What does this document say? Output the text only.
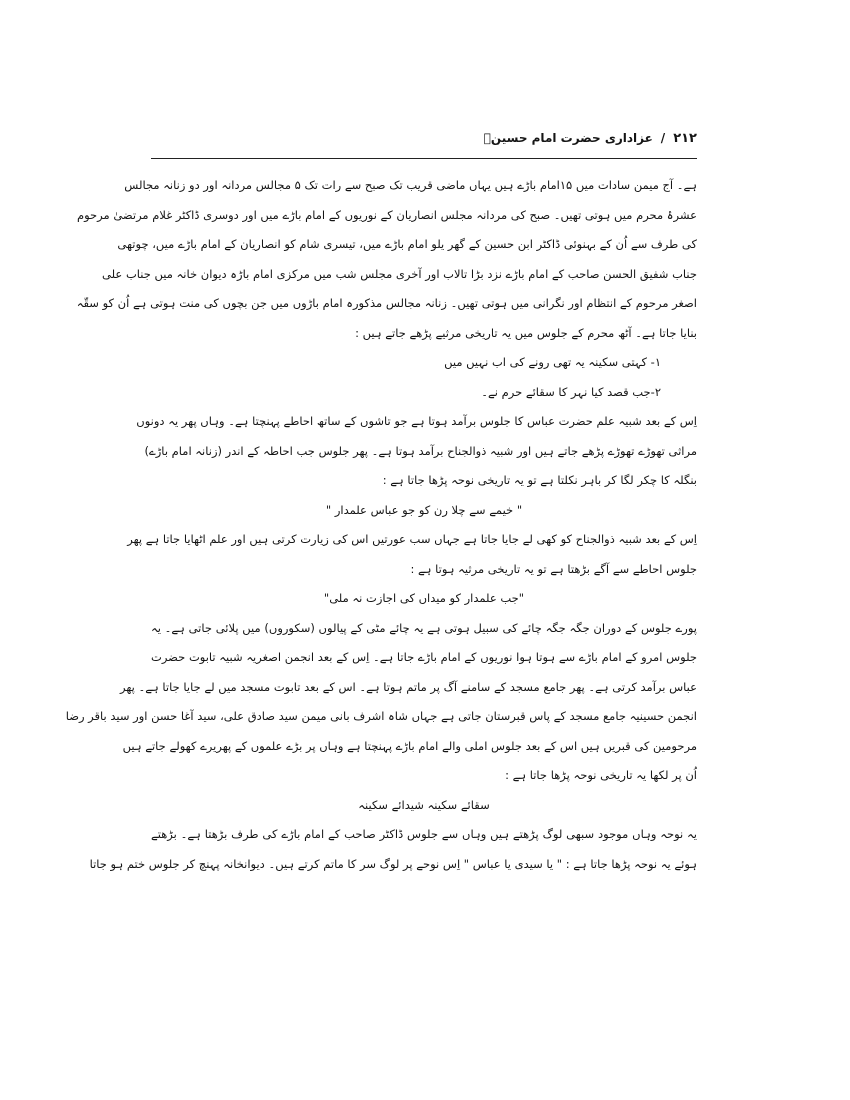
۲۱۲
/
عزاداری حضرت امام حسینؑ
ہے۔ آج میمن سادات میں ۱۵امام باڑے ہیں یہاں ماضی قریب تک صبح سے رات تک ۵ مجالس مردانہ اور دو زنانہ مجالس
عشرۂ محرم میں ہوتی تھیں۔ صبح کی مردانہ مجلس انصاریان کے نوریوں کے امام باڑے میں اور دوسری ڈاکٹر غلام مرتضیٰ مرحوم
کی طرف سے اُن کے بہنوئی ڈاکٹر ابن حسین کے گھر یلو امام باڑے میں، تیسری شام کو انصاریان کے امام باڑے میں، چوتھی
جناب شفیق الحسن صاحب کے امام باڑے نزد بڑا تالاب اور آخری مجلس شب میں مرکزی امام باڑہ دیوان خانہ میں جناب علی
اصغر مرحوم کے انتظام اور نگرانی میں ہوتی تھیں۔ زنانہ مجالس مذکورہ امام باڑوں میں جن بچوں کی منت ہوتی ہے اُن کو سقّہ
بنایا جاتا ہے۔ آٹھ محرم کے جلوس میں یہ تاریخی مرثیے پڑھے جاتے ہیں :
۱- کہتی سکینہ یہ تھی رونے کی اب نہیں میں
۲-جب قصد کیا نہر کا سقائے حرم نے۔
اِس کے بعد شبیہ علم حضرت عباس کا جلوس برآمد ہوتا ہے جو تاشوں کے ساتھ احاطے پہنچتا ہے۔ وہاں پھر یہ دونوں
مراثی تھوڑے تھوڑے پڑھے جاتے ہیں اور شبیہ ذوالجناح برآمد ہوتا ہے۔ پھر جلوس جب احاطہ کے اندر (زنانہ امام باڑے)
بنگلہ کا چکر لگا کر باہر نکلتا ہے تو یہ تاریخی نوحہ پڑھا جاتا ہے :
" خیمے سے چلا رن کو جو عباس علمدار "
اِس کے بعد شبیہ ذوالجناح کو کھی لے جایا جاتا ہے جہاں سب عورتیں اس کی زیارت کرتی ہیں اور علم اٹھایا جاتا ہے پھر
جلوس احاطے سے آگے بڑھتا ہے تو یہ تاریخی مرثیہ ہوتا ہے :
"جب علمدار کو میداں کی اجازت نہ ملی"
پورے جلوس کے دوران جگہ جگہ چائے کی سبیل ہوتی ہے یہ چائے مٹی کے پیالوں (سکوروں) میں پلائی جاتی ہے۔ یہ
جلوس امرو کے امام باڑے سے ہوتا ہوا نوریوں کے امام باڑے جاتا ہے۔ اِس کے بعد انجمن اصغریہ شبیہ تابوت حضرت
عباس برآمد کرتی ہے۔ پھر جامع مسجد کے سامنے آگ پر ماتم ہوتا ہے۔ اس کے بعد تابوت مسجد میں لے جایا جاتا ہے۔ پھر
انجمن حسینیہ جامع مسجد کے پاس قبرستان جاتی ہے جہاں شاہ اشرف بانی میمن سید صادق علی، سید آغا حسن اور سید باقر رضا
مرحومین کی قبریں ہیں اس کے بعد جلوس املی والے امام باڑے پہنچتا ہے وہاں پر بڑے علموں کے پھریرے کھولے جاتے ہیں
اُن پر لکھا یہ تاریخی نوحہ پڑھا جاتا ہے :
سقائے سکینہ شیدائے سکینہ
یہ نوحہ وہاں موجود سبھی لوگ پڑھتے ہیں وہاں سے جلوس ڈاکٹر صاحب کے امام باڑے کی طرف بڑھتا ہے۔ بڑھتے
ہوئے یہ نوحہ پڑھا جاتا ہے : " یا سیدی یا عباس " اِس نوحے پر لوگ سر کا ماتم کرتے ہیں۔ دیوانخانہ پہنچ کر جلوس ختم ہو جاتا
